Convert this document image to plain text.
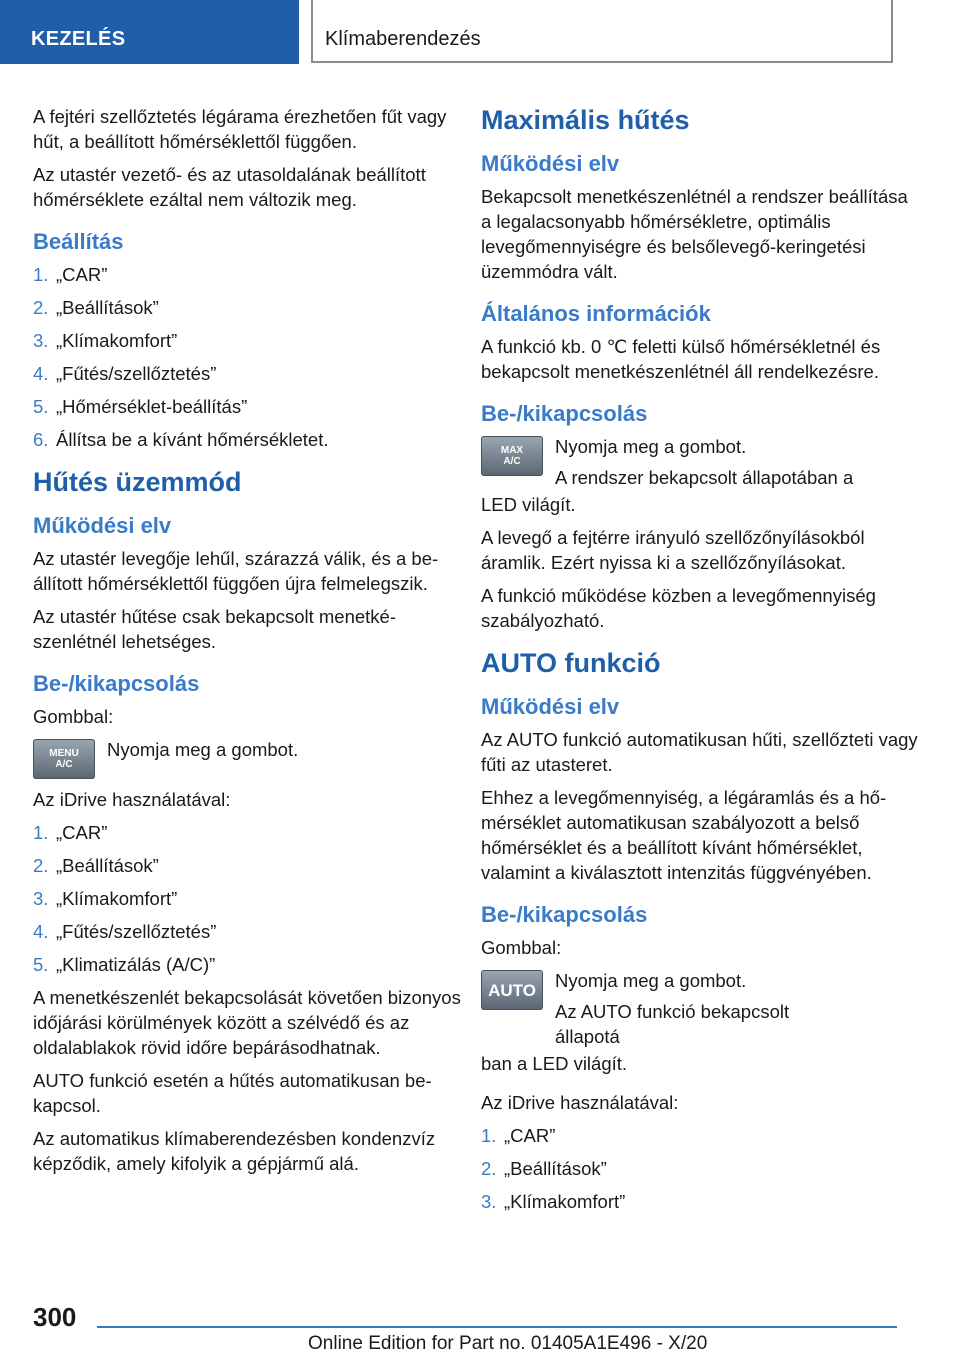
KEZELÉS	Klímaberendezés

A fejtéri szellőztetés légárama érezhetően fűt vagy hűt, a beállított hőmérséklettől függően.

Az utastér vezető- és az utasoldalának beállított hőmérséklete ezáltal nem változik meg.

Beállítás
1. „CAR”
2. „Beállítások”
3. „Klímakomfort”
4. „Fűtés/szellőztetés”
5. „Hőmérséklet-beállítás”
6. Állítsa be a kívánt hőmérsékletet.
Hűtés üzemmód
Működési elv

Az utastér levegője lehűl, szárazzá válik, és a beállított hőmérséklettől függően újra felmelegszik.

Az utastér hűtése csak bekapcsolt menetkészenlétnél lehetséges.

Be-/kikapcsolás

Gombbal:

MENU
A/C

Nyomja meg a gombot.

Az iDrive használatával:

1. „CAR”
2. „Beállítások”
3. „Klímakomfort”
4. „Fűtés/szellőztetés”
5. „Klimatizálás (A/C)”

A menetkészenlét bekapcsolását követően bizonyos időjárási körülmények között a szélvédő és az oldalablakok rövid időre bepárásodhatnak.

AUTO funkció esetén a hűtés automatikusan bekapcsol.

Az automatikus klímaberendezésben kondenzvíz képződik, amely kifolyik a gépjármű alá.

Maximális hűtés
Működési elv

Bekapcsolt menetkészenlétnél a rendszer beállítása a legalacsonyabb hőmérsékletre, optimális levegőmennyiségre és belsőlevegő-keringetési üzemmódra vált.

Általános információk

A funkció kb. 0 ℃ feletti külső hőmérsékletnél és bekapcsolt menetkészenlétnél áll rendelkezésre.

Be-/kikapcsolás
MAX
A/C

Nyomja meg a gombot.

A rendszer bekapcsolt állapotában a

LED világít.

A levegő a fejtérre irányuló szellőzőnyílásokból áramlik. Ezért nyissa ki a szellőzőnyílásokat.

A funkció működése közben a levegőmennyiség szabályozható.

AUTO funkció
Működési elv

Az AUTO funkció automatikusan hűti, szellőzteti vagy fűti az utasteret.

Ehhez a levegőmennyiség, a légáramlás és a hőmérséklet automatikusan szabályozott a belső hőmérséklet és a beállított kívánt hőmérséklet, valamint a kiválasztott intenzitás függvényében.

Be-/kikapcsolás

Gombbal:

AUTO Nyomja meg a gombot.

Az AUTO funkció bekapcsolt állapotá

ban a LED világít.

Az iDrive használatával:

1. „CAR”
2. „Beállítások”
3. „Klímakomfort”
300
Online Edition for Part no. 01405A1E496 - X/20
